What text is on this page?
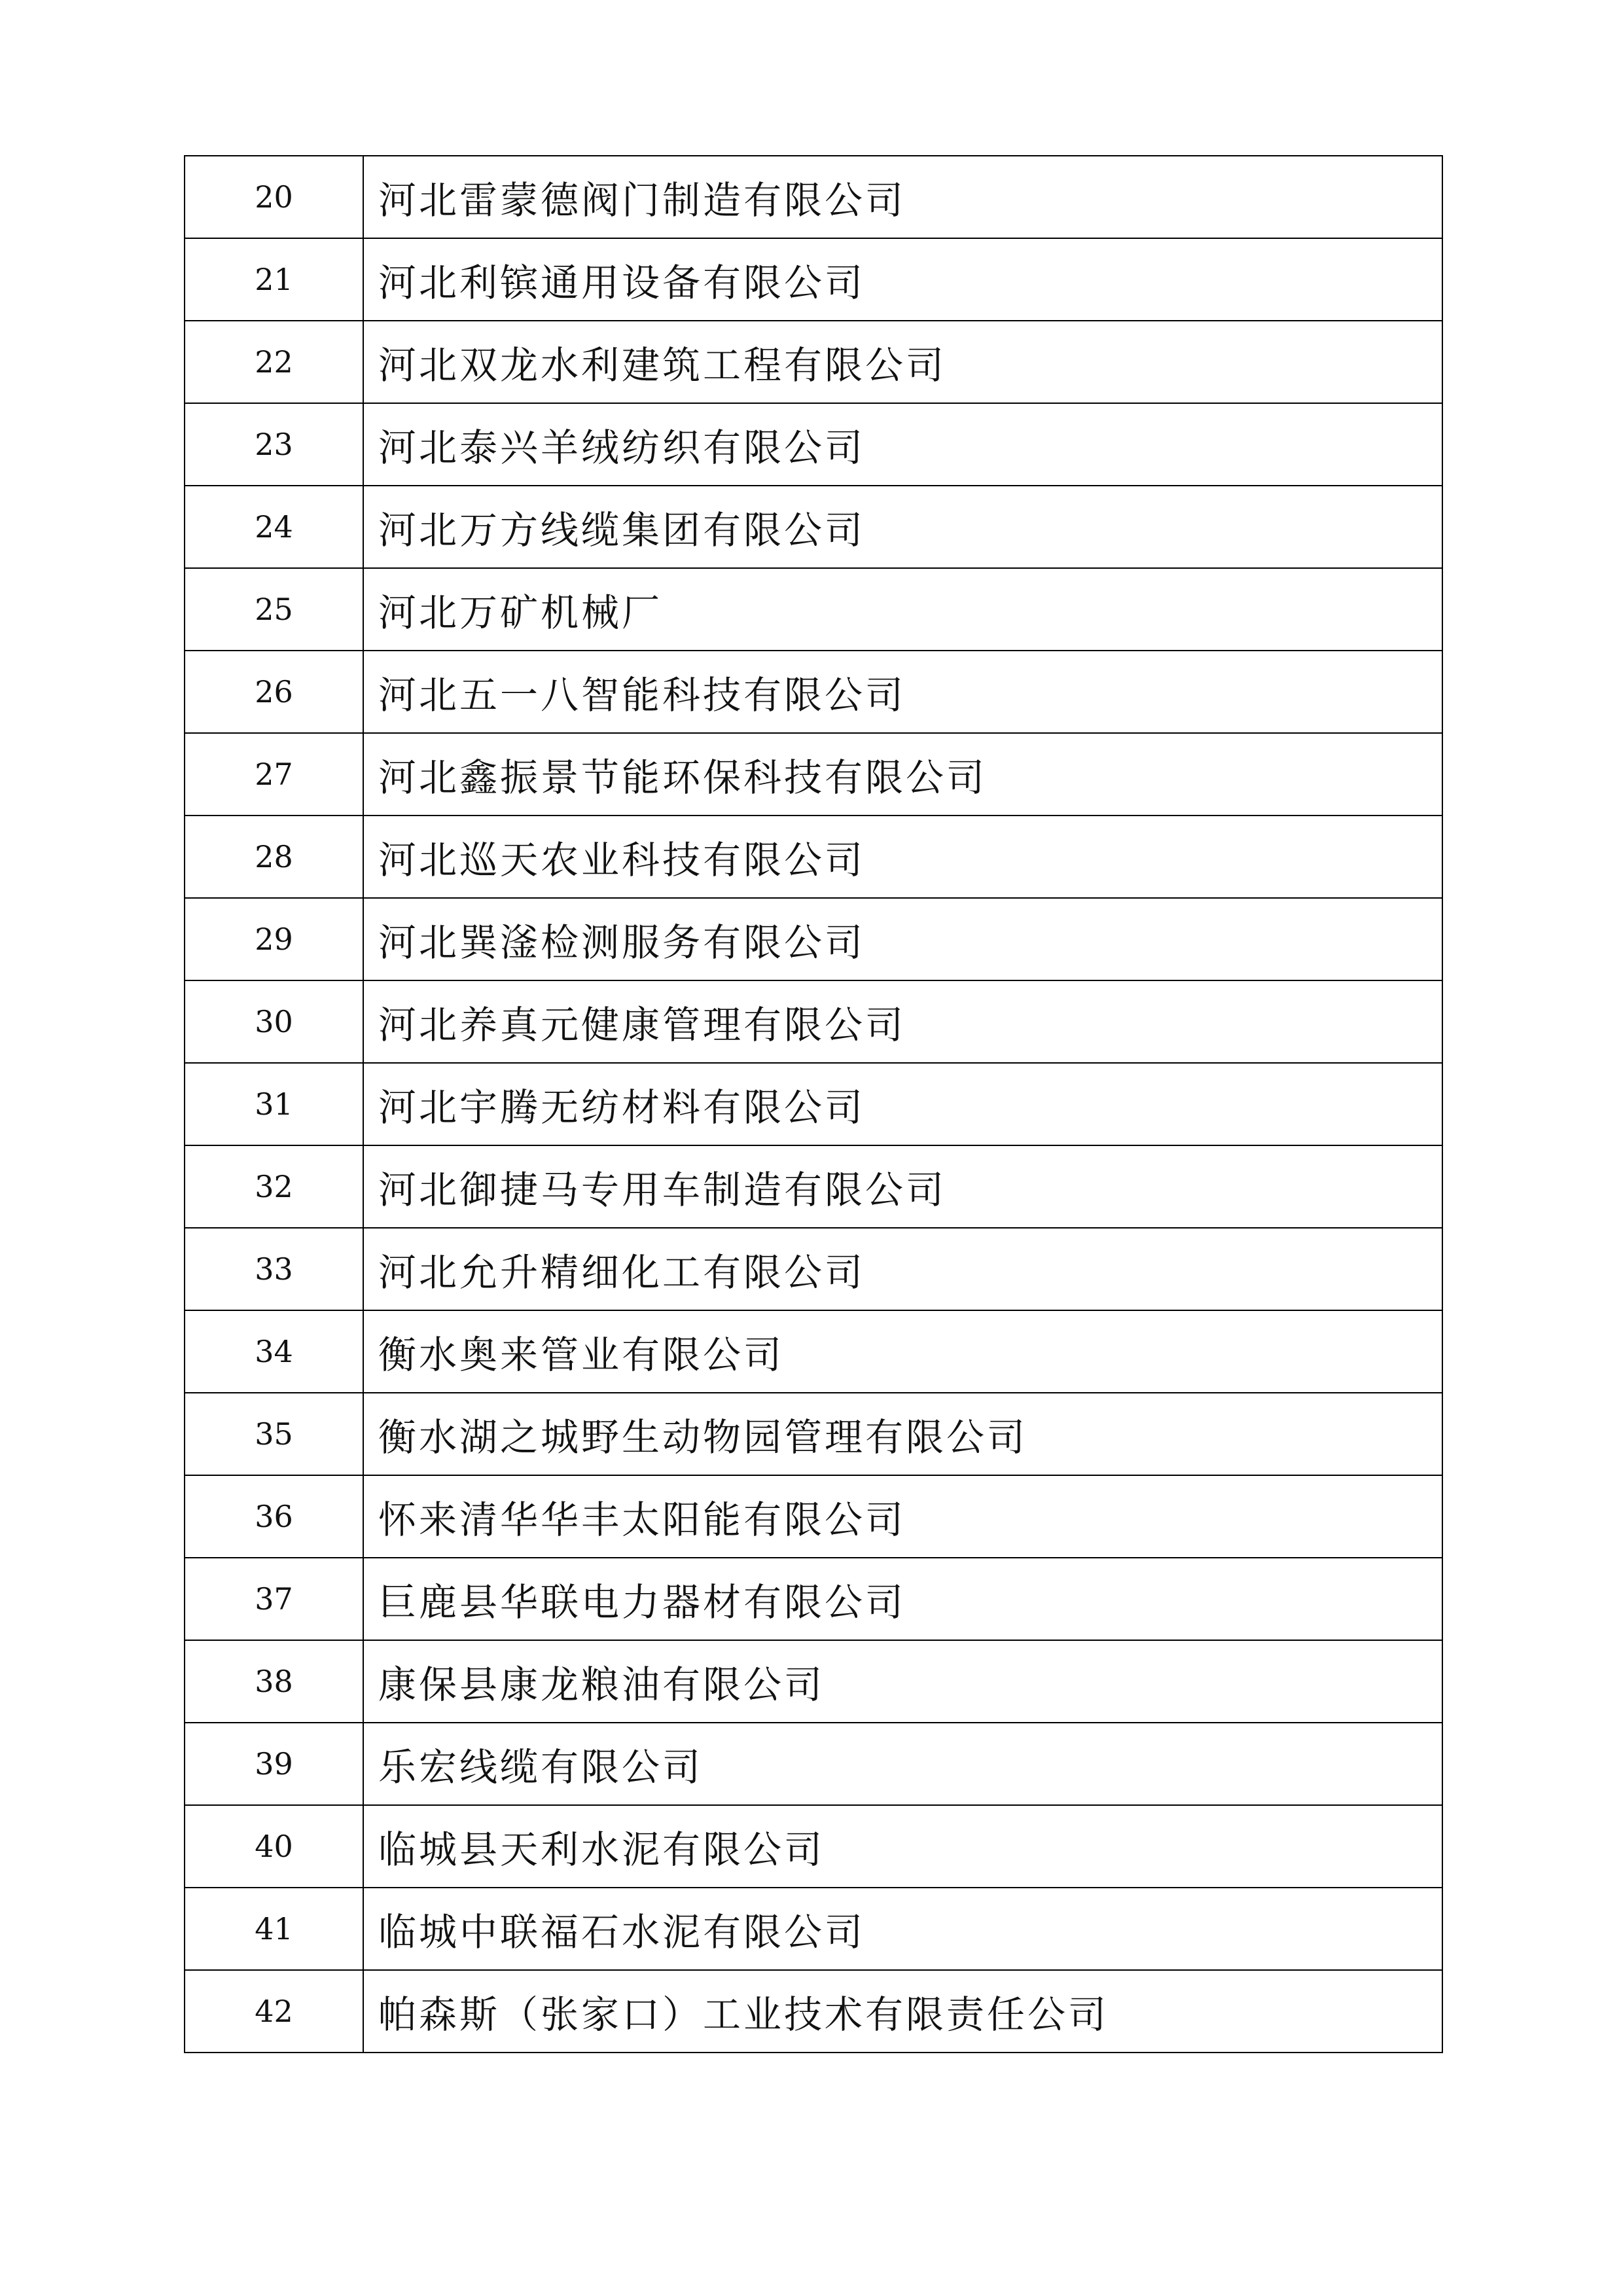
20	河北雷蒙德阀门制造有限公司
21	河北利镔通用设备有限公司
22	河北双龙水利建筑工程有限公司
23	河北泰兴羊绒纺织有限公司
24	河北万方线缆集团有限公司
25	河北万矿机械厂
26	河北五一八智能科技有限公司
27	河北鑫振景节能环保科技有限公司
28	河北巡天农业科技有限公司
29	河北巽滏检测服务有限公司
30	河北养真元健康管理有限公司
31	河北宇腾无纺材料有限公司
32	河北御捷马专用车制造有限公司
33	河北允升精细化工有限公司
34	衡水奥来管业有限公司
35	衡水湖之城野生动物园管理有限公司
36	怀来清华华丰太阳能有限公司
37	巨鹿县华联电力器材有限公司
38	康保县康龙粮油有限公司
39	乐宏线缆有限公司
40	临城县天利水泥有限公司
41	临城中联福石水泥有限公司
42	帕森斯（张家口）工业技术有限责任公司
